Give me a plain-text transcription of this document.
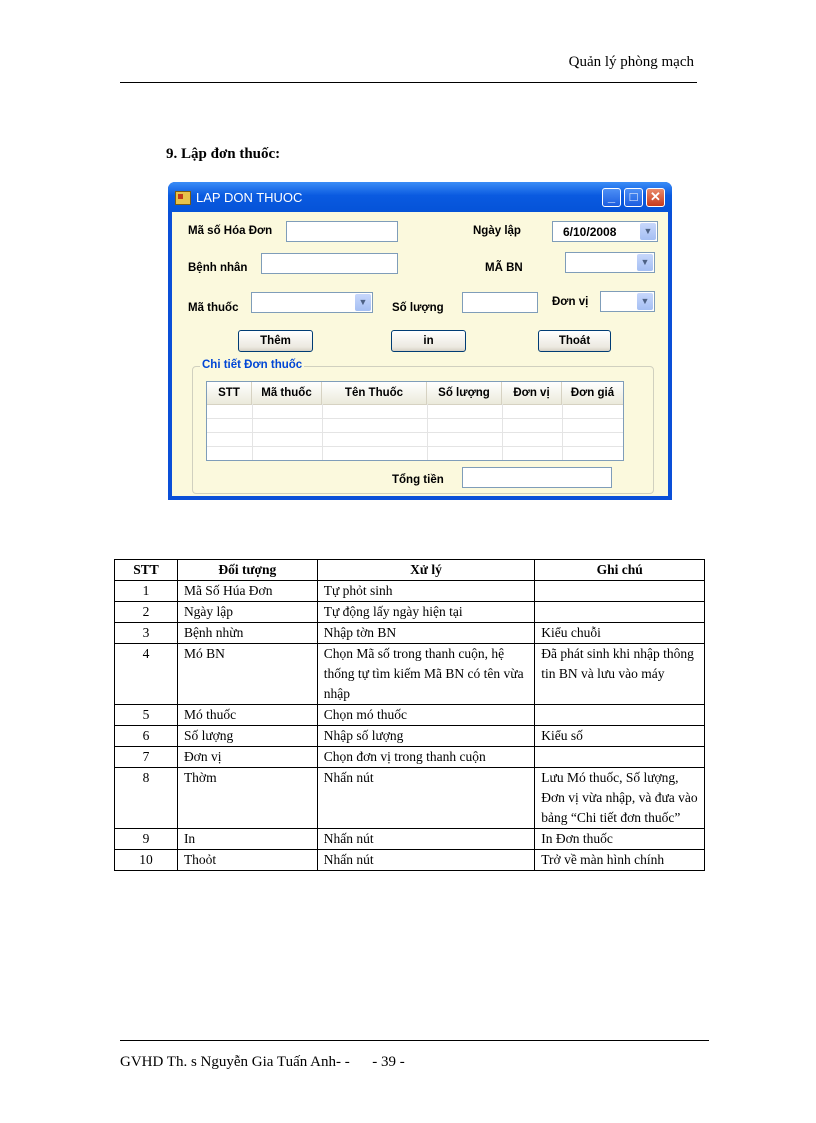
Quản lý phòng mạch
9. Lập đơn thuốc:
LAP DON THUOC	_	□ ✕
Mã số Hóa Đơn	Ngày lập	6/10/2008	▼
Bệnh nhân	MÃ BN	▼
Mã thuốc	▼	Số lượng	Đơn vị	▼
Thêm	in	Thoát
Chi tiết Đơn thuốc
STT	Mã thuốc	Tên Thuốc	Số lượng	Đơn vị	Đơn giá
Tổng tiền
STT	Đối tượng	Xử lý	Ghi chú
1	Mã Số Húa Đơn	Tự phỏt sinh	
2	Ngày lập	Tự động lấy ngày hiện tại	
3	Bệnh nhừn	Nhập tờn BN	Kiểu chuỗi
4	Mó BN	Chọn Mã số trong thanh cuộn, hệ thống tự tìm kiếm Mã BN có tên vừa nhập	Đã phát sinh khi nhập thông tin BN và lưu vào máy
5	Mó thuốc	Chọn mó thuốc	
6	Số lượng	Nhập số lượng	Kiểu số
7	Đơn vị	Chọn đơn vị trong thanh cuộn	
8	Thờm	Nhấn nút	Lưu Mó thuốc, Số lượng, Đơn vị vừa nhập, và đưa vào bảng “Chi tiết đơn thuốc”
9	In	Nhấn nút	In Đơn thuốc
10	Thoỏt	Nhấn nút	Trở về màn hình chính
GVHD Th. s Nguyễn Gia Tuấn Anh- -      - 39 -
